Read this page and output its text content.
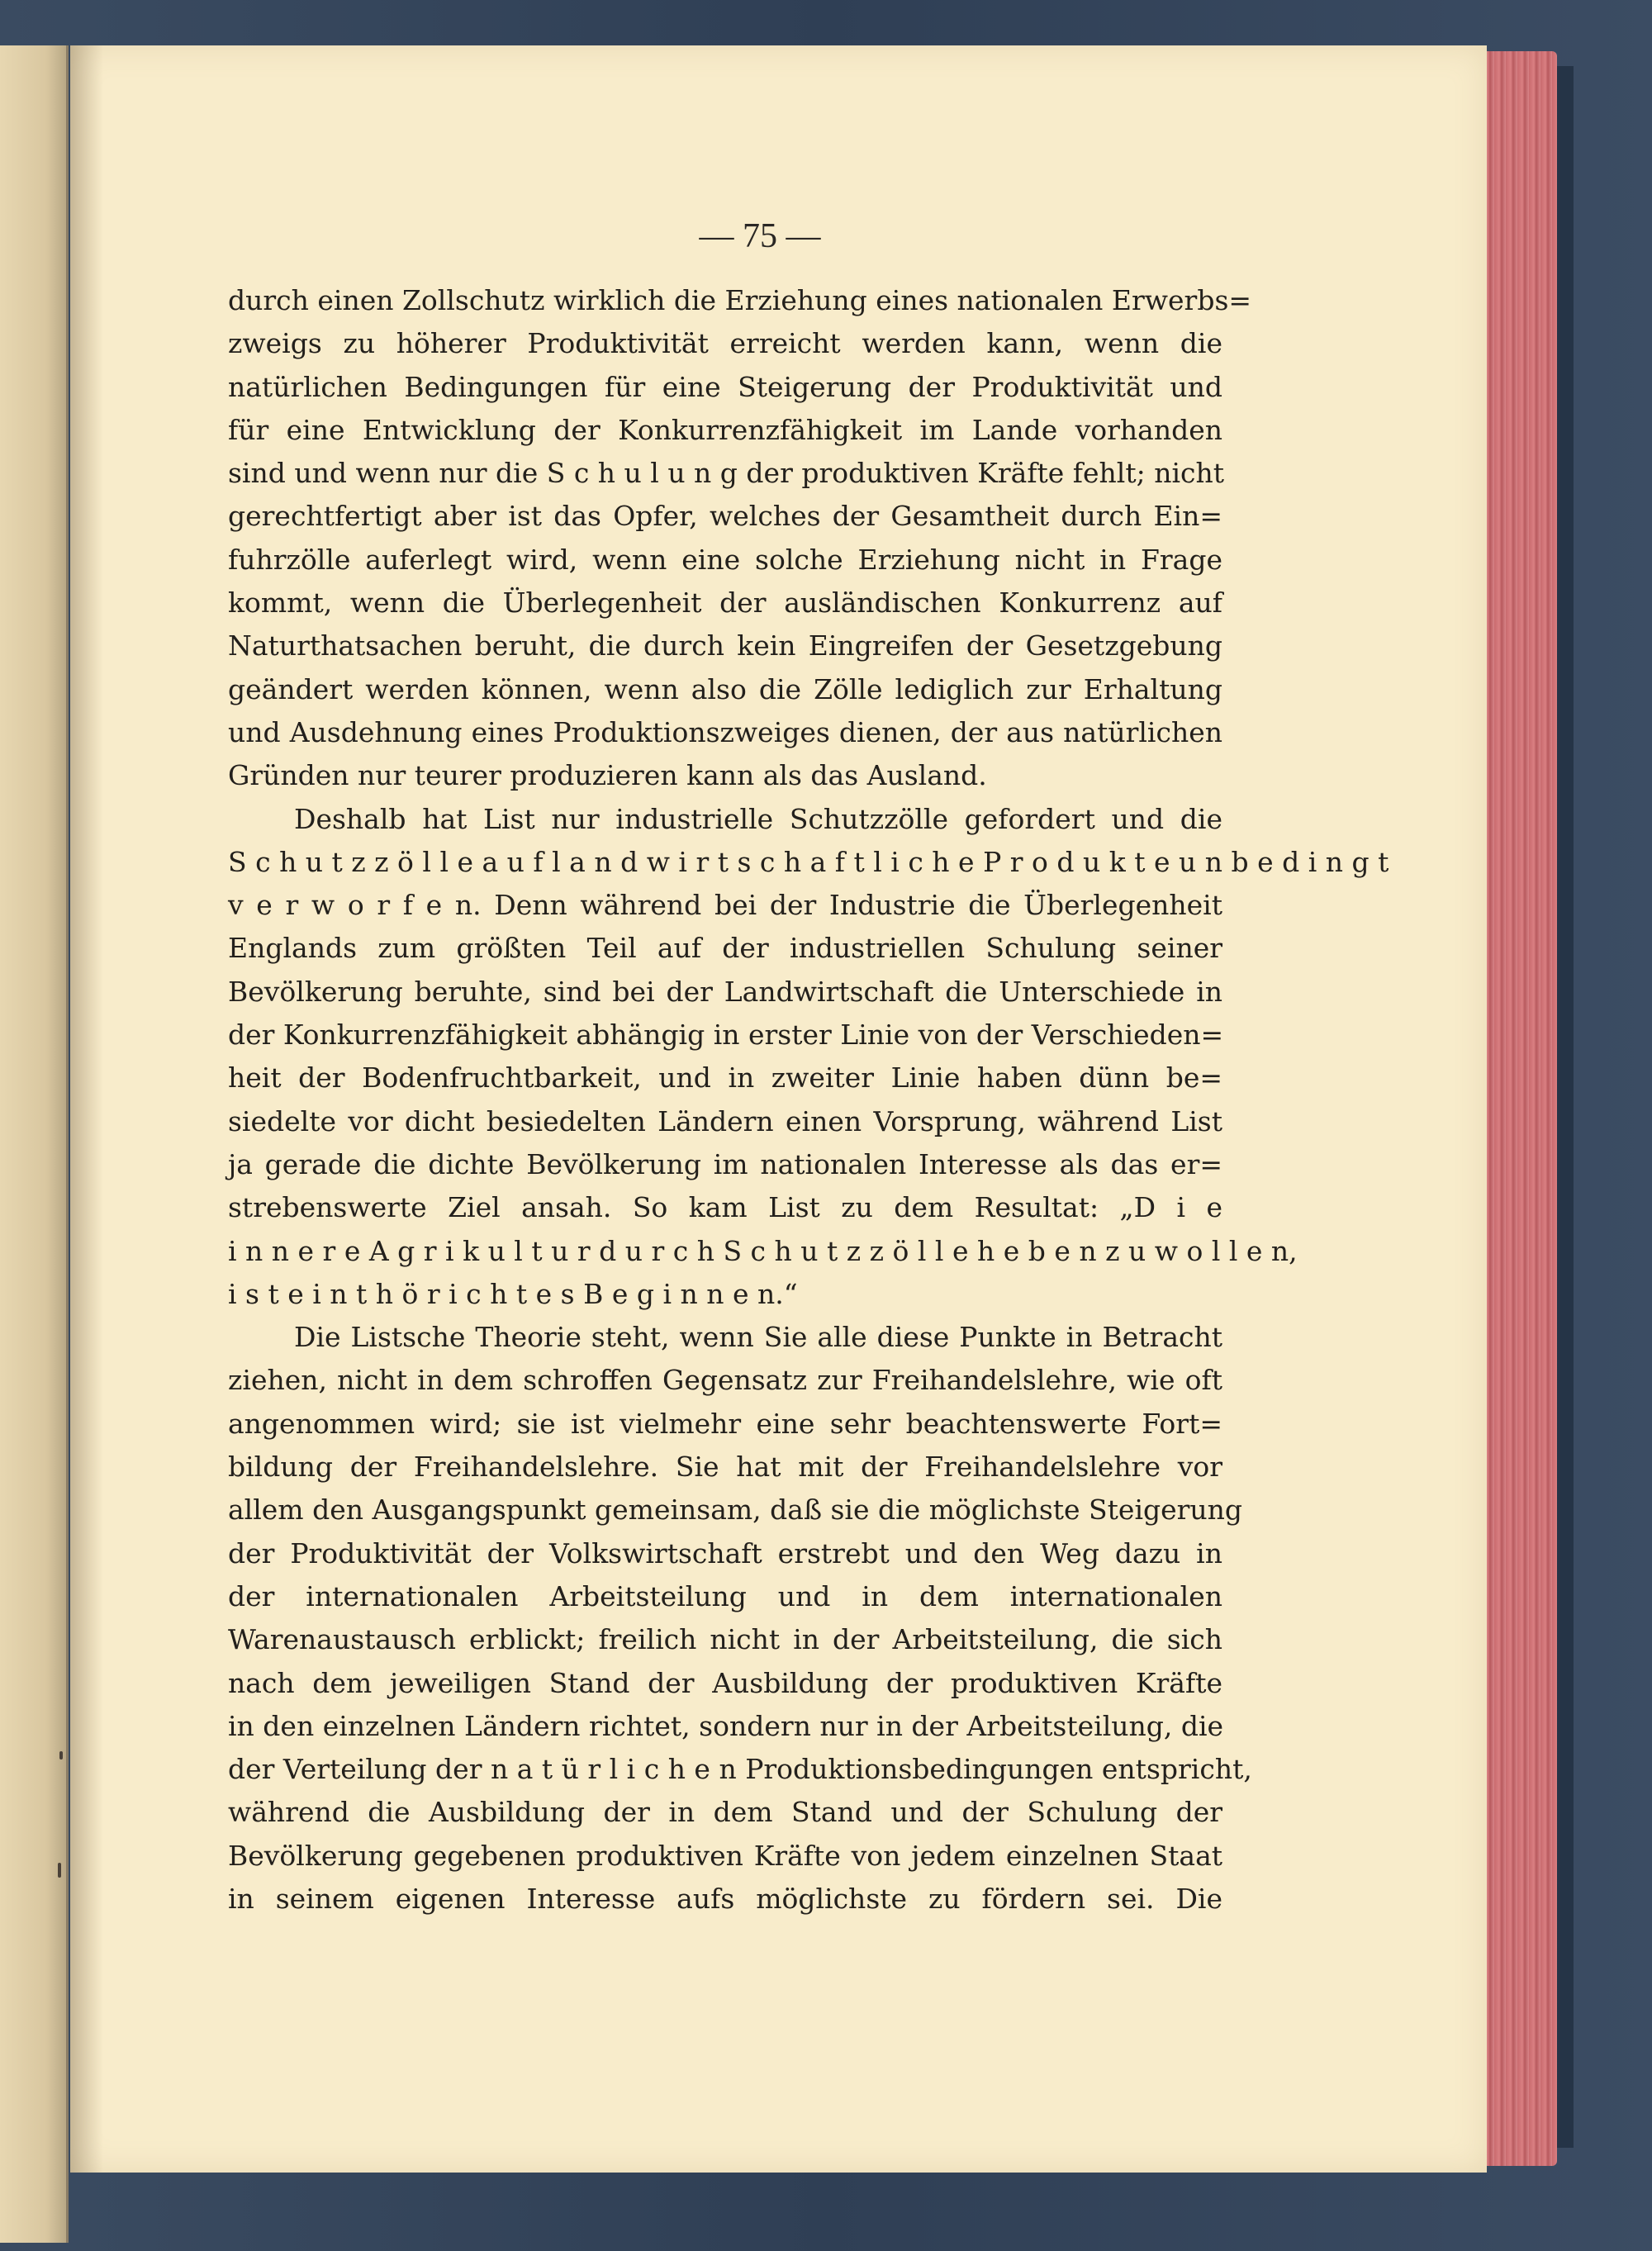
— 75 —
durch einen Zollschutz wirklich die Erziehung eines nationalen Erwerbs=
zweigs zu höherer Produktivität erreicht werden kann, wenn die
natürlichen Bedingungen für eine Steigerung der Produktivität und
für eine Entwicklung der Konkurrenzfähigkeit im Lande vorhanden
sind und wenn nur die S c h u l u n g der produktiven Kräfte fehlt; nicht
gerechtfertigt aber ist das Opfer, welches der Gesamtheit durch Ein=
fuhrzölle auferlegt wird, wenn eine solche Erziehung nicht in Frage
kommt, wenn die Überlegenheit der ausländischen Konkurrenz auf
Naturthatsachen beruht, die durch kein Eingreifen der Gesetzgebung
geändert werden können, wenn also die Zölle lediglich zur Erhaltung
und Ausdehnung eines Produktionszweiges dienen, der aus natürlichen
Gründen nur teurer produzieren kann als das Ausland.
Deshalb hat List nur industrielle Schutzzölle gefordert und die
S c h u t z z ö l l e a u f l a n d w i r t s c h a f t l i c h e P r o d u k t e u n b e d i n g t
v e r w o r f e n. Denn während bei der Industrie die Überlegenheit
Englands zum größten Teil auf der industriellen Schulung seiner
Bevölkerung beruhte, sind bei der Landwirtschaft die Unterschiede in
der Konkurrenzfähigkeit abhängig in erster Linie von der Verschieden=
heit der Bodenfruchtbarkeit, und in zweiter Linie haben dünn be=
siedelte vor dicht besiedelten Ländern einen Vorsprung, während List
ja gerade die dichte Bevölkerung im nationalen Interesse als das er=
strebenswerte Ziel ansah. So kam List zu dem Resultat: „D i e
i n n e r e A g r i k u l t u r d u r c h S c h u t z z ö l l e h e b e n z u w o l l e n,
i s t e i n t h ö r i c h t e s B e g i n n e n.“
Die Listsche Theorie steht, wenn Sie alle diese Punkte in Betracht
ziehen, nicht in dem schroffen Gegensatz zur Freihandelslehre, wie oft
angenommen wird; sie ist vielmehr eine sehr beachtenswerte Fort=
bildung der Freihandelslehre. Sie hat mit der Freihandelslehre vor
allem den Ausgangspunkt gemeinsam, daß sie die möglichste Steigerung
der Produktivität der Volkswirtschaft erstrebt und den Weg dazu in
der internationalen Arbeitsteilung und in dem internationalen
Warenaustausch erblickt; freilich nicht in der Arbeitsteilung, die sich
nach dem jeweiligen Stand der Ausbildung der produktiven Kräfte
in den einzelnen Ländern richtet, sondern nur in der Arbeitsteilung, die
der Verteilung der n a t ü r l i c h e n Produktionsbedingungen entspricht,
während die Ausbildung der in dem Stand und der Schulung der
Bevölkerung gegebenen produktiven Kräfte von jedem einzelnen Staat
in seinem eigenen Interesse aufs möglichste zu fördern sei. Die
